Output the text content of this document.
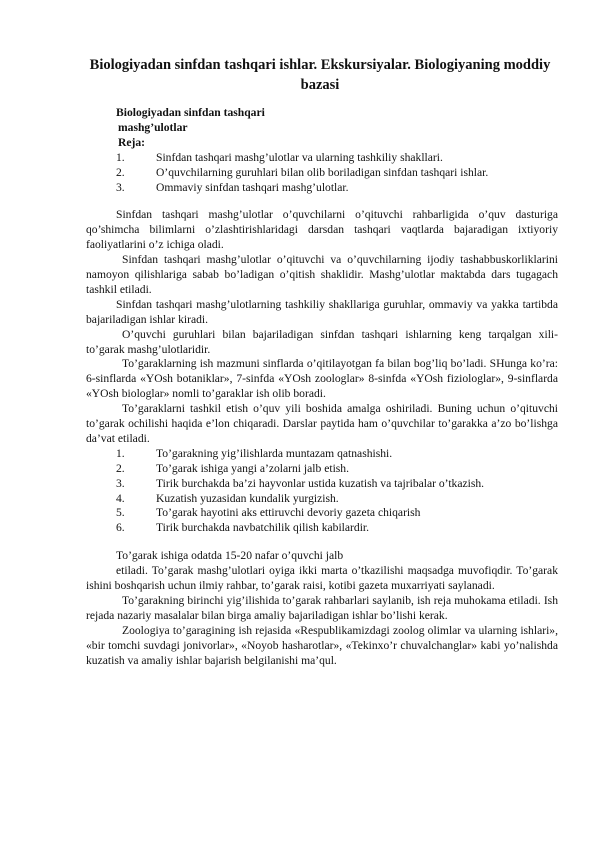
Biologiyadan sinfdan tashqari ishlar. Ekskursiyalar. Biologiyaning moddiy bazasi

Biologiyadan sinfdan tashqari

mashg’ulotlar

Reja:

1.	Sinfdan tashqari mashg’ulotlar va ularning tashkiliy shakllari.
2.	O’quvchilarning guruhlari bilan olib boriladigan sinfdan tashqari ishlar.
3.	Ommaviy sinfdan tashqari mashg’ulotlar.

Sinfdan tashqari mashg’ulotlar o’quvchilarni o’qituvchi rahbarligida o’quv dasturiga qo’shimcha bilimlarni o’zlashtirishlaridagi darsdan tashqari vaqtlarda bajaradigan ixtiyoriy faoliyatlarini o’z ichiga oladi.

Sinfdan tashqari mashg’ulotlar o’qituvchi va o’quvchilarning ijodiy tashabbuskorliklarini namoyon qilishlariga sabab bo’ladigan o’qitish shaklidir. Mashg’ulotlar maktabda dars tugagach tashkil etiladi.

Sinfdan tashqari mashg’ulotlarning tashkiliy shakllariga guruhlar, ommaviy va yakka tartibda bajariladigan ishlar kiradi.

O’quvchi guruhlari bilan bajariladigan sinfdan tashqari ishlarning keng tarqalgan xili-to’garak mashg’ulotlaridir.

To’garaklarning ish mazmuni sinflarda o’qitilayotgan fa bilan bog’liq bo’ladi. SHunga ko’ra: 6-sinflarda «YOsh botaniklar», 7-sinfda «YOsh zoologlar» 8-sinfda «YOsh fiziologlar», 9-sinflarda «YOsh biologlar» nomli to’garaklar ish olib boradi.

To’garaklarni tashkil etish o’quv yili boshida amalga oshiriladi. Buning uchun o’qituvchi to’garak ochilishi haqida e’lon chiqaradi. Darslar paytida ham o’quvchilar to’garakka a’zo bo’lishga da’vat etiladi.

1.	To’garakning yig’ilishlarda muntazam qatnashishi.
2.	To’garak ishiga yangi a’zolarni jalb etish.
3.	Tirik burchakda ba’zi hayvonlar ustida kuzatish va tajribalar o’tkazish.
4.	Kuzatish yuzasidan kundalik yurgizish.
5.	To’garak hayotini aks ettiruvchi devoriy gazeta chiqarish
6.	Tirik burchakda navbatchilik qilish kabilardir.

To’garak ishiga odatda 15-20 nafar o’quvchi jalb

etiladi. To’garak mashg’ulotlari oyiga ikki marta o’tkazilishi maqsadga muvofiqdir. To’garak ishini boshqarish uchun ilmiy rahbar, to’garak raisi, kotibi gazeta muxarriyati saylanadi.

To’garakning birinchi yig’ilishida to’garak rahbarlari saylanib, ish reja muhokama etiladi. Ish rejada nazariy masalalar bilan birga amaliy bajariladigan ishlar bo’lishi kerak.

Zoologiya to’garagining ish rejasida «Respublikamizdagi zoolog olimlar va ularning ishlari», «bir tomchi suvdagi jonivorlar», «Noyob hasharotlar», «Tekinxo’r chuvalchanglar» kabi yo’nalishda kuzatish va amaliy ishlar bajarish belgilanishi ma’qul.
